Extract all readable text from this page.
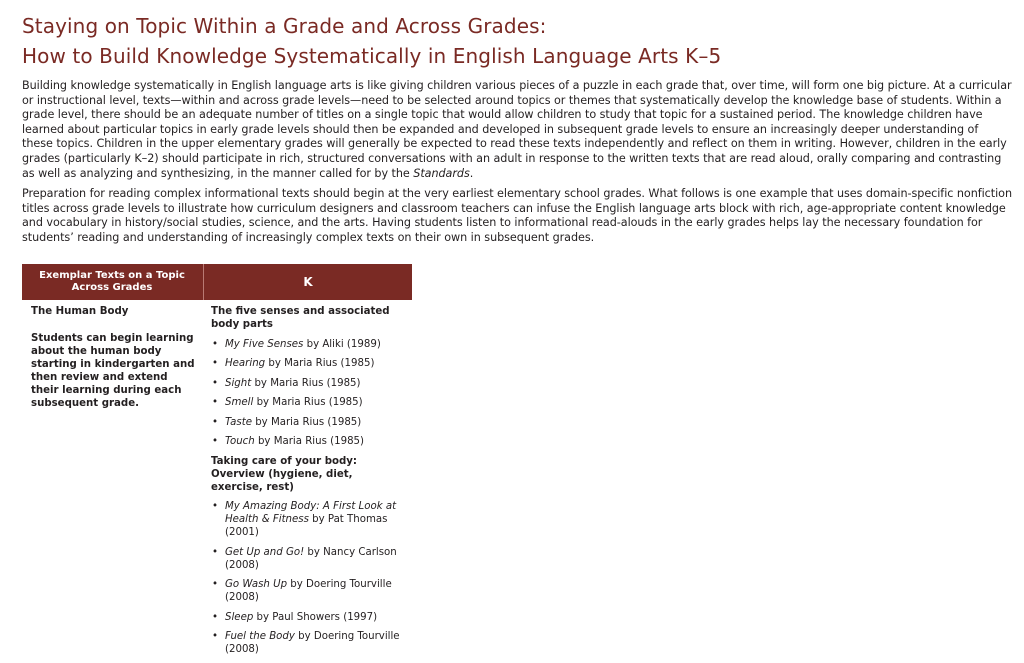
Staying on Topic Within a Grade and Across Grades:
How to Build Knowledge Systematically in English Language Arts K–5

Building knowledge systematically in English language arts is like giving children various pieces of a puzzle in each grade that, over time, will form one big picture. At a curricular or instructional level, texts—within and across grade levels—need to be selected around topics or themes that systematically develop the knowledge base of students. Within a grade level, there should be an adequate number of titles on a single topic that would allow children to study that topic for a sustained period. The knowledge children have learned about particular topics in early grade levels should then be expanded and developed in subsequent grade levels to ensure an increasingly deeper understanding of these topics. Children in the upper elementary grades will generally be expected to read these texts independently and reflect on them in writing. However, children in the early grades (particularly K–2) should participate in rich, structured conversations with an adult in response to the written texts that are read aloud, orally comparing and contrasting as well as analyzing and synthesizing, in the manner called for by the Standards.

Preparation for reading complex informational texts should begin at the very earliest elementary school grades. What follows is one example that uses domain-specific nonfiction titles across grade levels to illustrate how curriculum designers and classroom teachers can infuse the English language arts block with rich, age-appropriate content knowledge and vocabulary in history/social studies, science, and the arts. Having students listen to informational read-alouds in the early grades helps lay the necessary foundation for students’ reading and understanding of increasingly complex texts on their own in subsequent grades.

Exemplar Texts on a Topic Across Grades	K

The Human Body

Students can begin learning about the human body starting in kindergarten and then review and extend their learning during each subsequent grade.

The five senses and associated body parts

• My Five Senses by Aliki (1989)
• Hearing by Maria Rius (1985)
• Sight by Maria Rius (1985)
• Smell by Maria Rius (1985)
• Taste by Maria Rius (1985)
• Touch by Maria Rius (1985)

Taking care of your body: Overview (hygiene, diet, exercise, rest)

• My Amazing Body: A First Look at Health & Fitness by Pat Thomas (2001)
• Get Up and Go! by Nancy Carlson (2008)
• Go Wash Up by Doering Tourville (2008)
• Sleep by Paul Showers (1997)
• Fuel the Body by Doering Tourville (2008)
